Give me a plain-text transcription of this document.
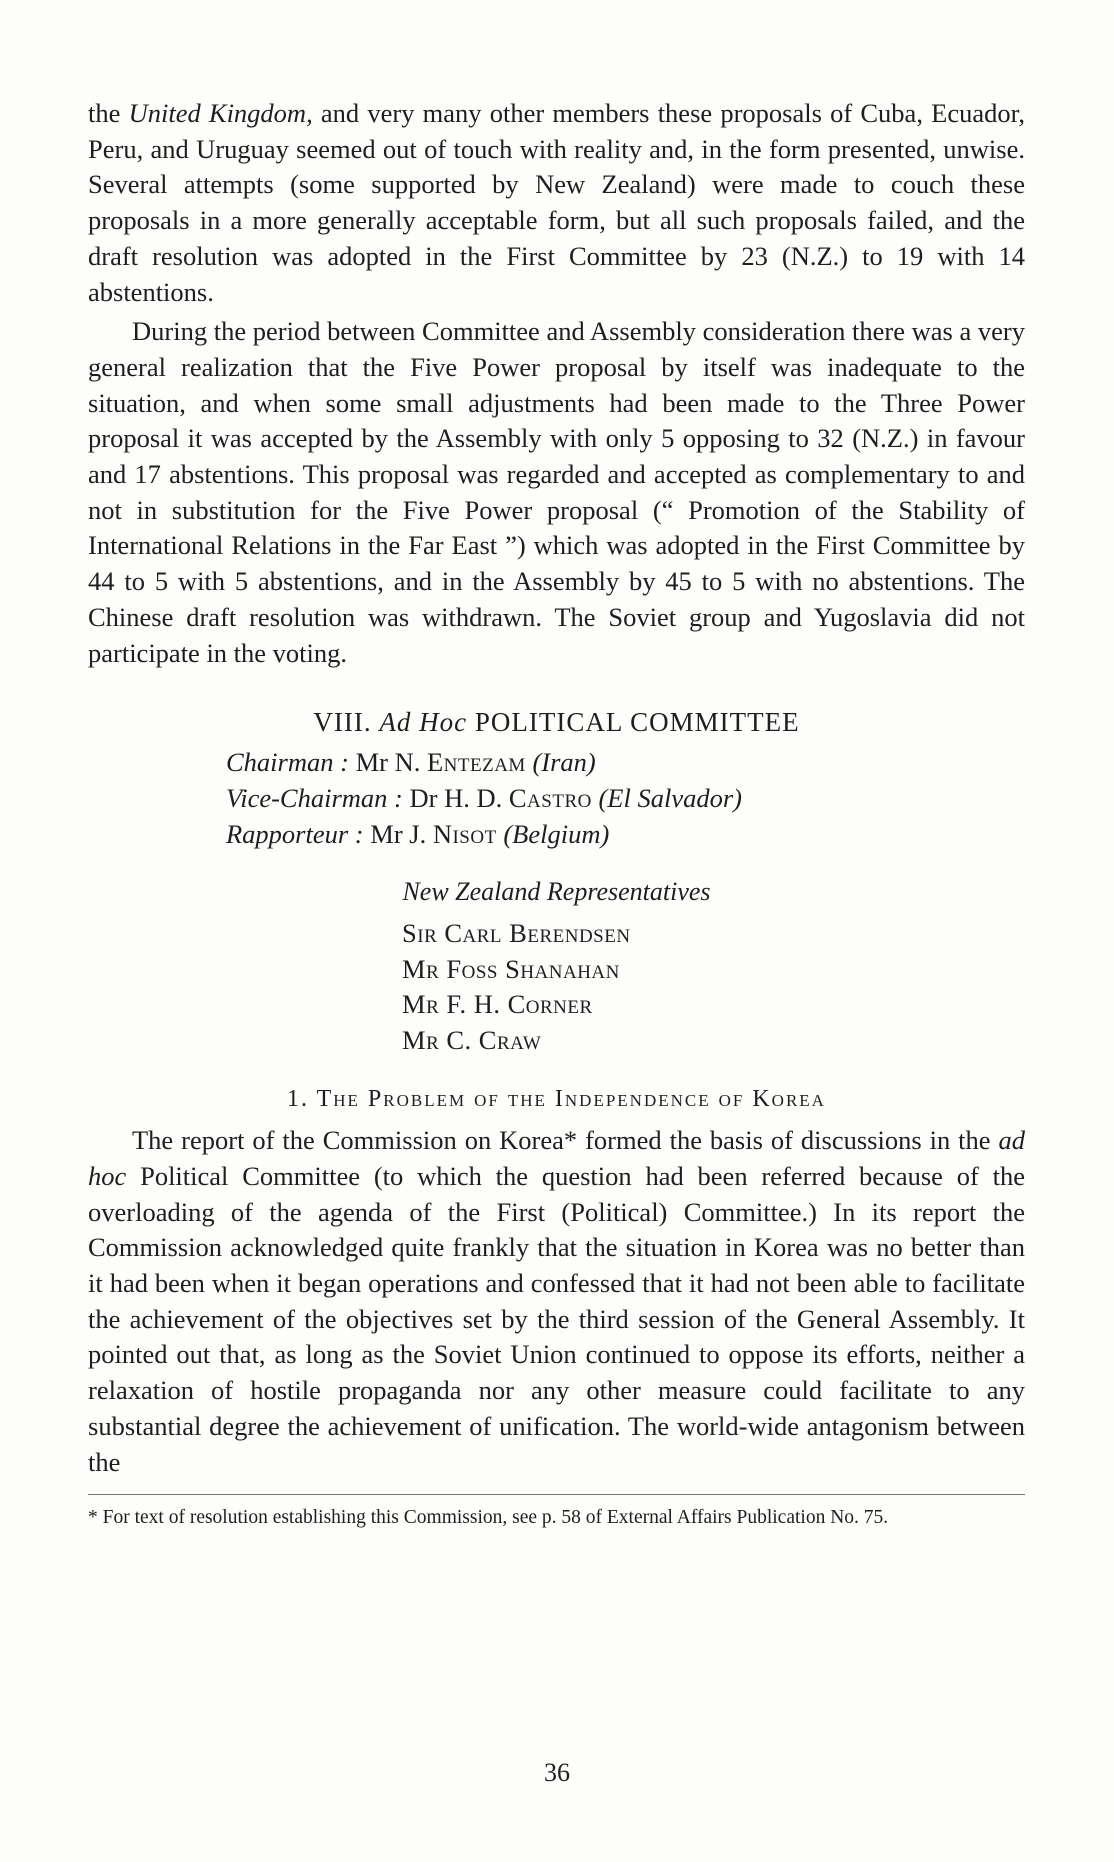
the United Kingdom, and very many other members these proposals of Cuba, Ecuador, Peru, and Uruguay seemed out of touch with reality and, in the form presented, unwise. Several attempts (some supported by New Zealand) were made to couch these proposals in a more generally acceptable form, but all such proposals failed, and the draft resolution was adopted in the First Committee by 23 (N.Z.) to 19 with 14 abstentions.

During the period between Committee and Assembly consideration there was a very general realization that the Five Power proposal by itself was inadequate to the situation, and when some small adjustments had been made to the Three Power proposal it was accepted by the Assembly with only 5 opposing to 32 (N.Z.) in favour and 17 abstentions. This proposal was regarded and accepted as complementary to and not in substitution for the Five Power proposal (“ Promotion of the Stability of International Relations in the Far East ”) which was adopted in the First Committee by 44 to 5 with 5 abstentions, and in the Assembly by 45 to 5 with no abstentions. The Chinese draft resolution was withdrawn. The Soviet group and Yugoslavia did not participate in the voting.

VIII. Ad Hoc POLITICAL COMMITTEE
Chairman : Mr N. Entezam (Iran)
Vice-Chairman : Dr H. D. Castro (El Salvador)
Rapporteur : Mr J. Nisot (Belgium)
New Zealand Representatives
Sir Carl Berendsen
Mr Foss Shanahan
Mr F. H. Corner
Mr C. Craw
1. The Problem of the Independence of Korea

The report of the Commission on Korea* formed the basis of discussions in the ad hoc Political Committee (to which the question had been referred because of the overloading of the agenda of the First (Political) Committee.) In its report the Commission acknowledged quite frankly that the situation in Korea was no better than it had been when it began operations and confessed that it had not been able to facilitate the achievement of the objectives set by the third session of the General Assembly. It pointed out that, as long as the Soviet Union continued to oppose its efforts, neither a relaxation of hostile propaganda nor any other measure could facilitate to any substantial degree the achievement of unification. The world-wide antagonism between the

* For text of resolution establishing this Commission, see p. 58 of External Affairs Publication No. 75.
36
